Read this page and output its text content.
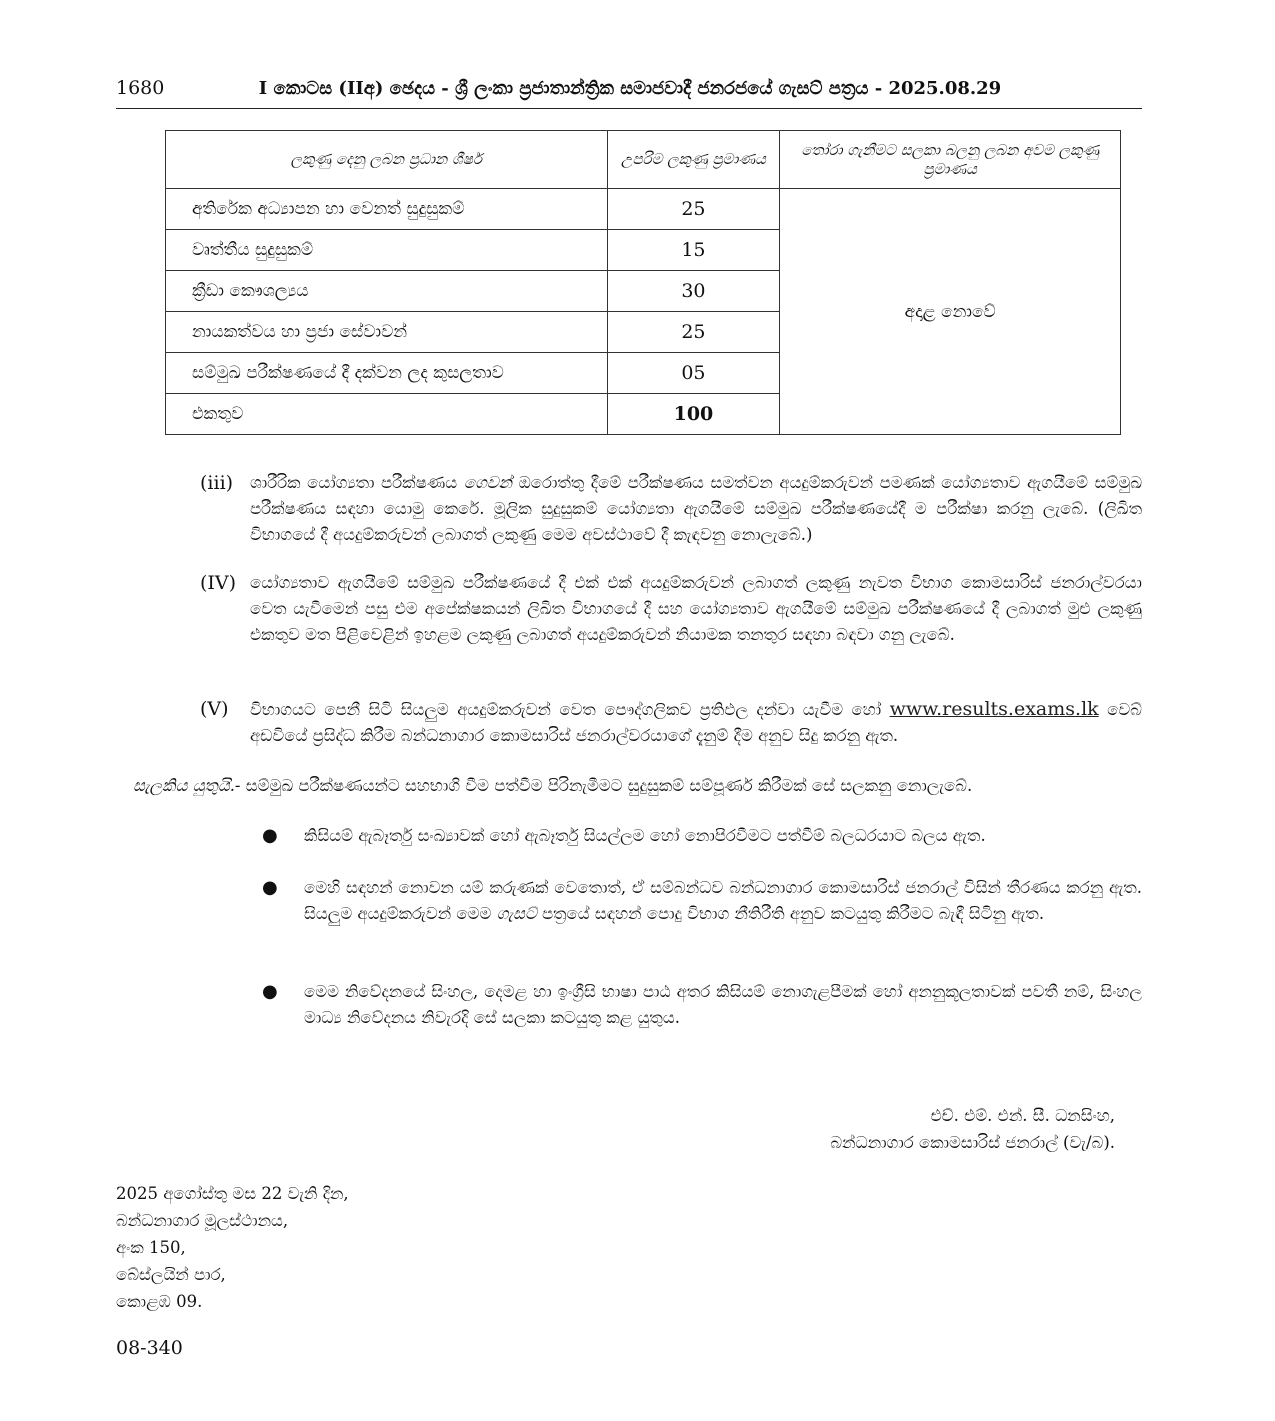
1680	I කොටස (IIඅ) ඡෙදය - ශ්‍රී ලංකා ප්‍රජාතාන්ත්‍රික සමාජවාදී ජනරජයේ ගැසට් පත්‍රය - 2025.08.29
ලකුණු දෙනු ලබන ප්‍රධාන ශීර්ෂ	උපරිම ලකුණු ප්‍රමාණය	තෝරා ගැනීමට සලකා බලනු ලබන අවම ලකුණු ප්‍රමාණය
අතිරේක අධ්‍යාපන හා වෙනත් සුදුසුකම්	25	අදාළ නොවේ
වෘත්තීය සුදුසුකම්	15	
ක්‍රීඩා කෞශල්‍යය	30	
නායකත්වය හා ප්‍රජා සේවාවන්	25	
සම්මුඛ පරීක්ෂණයේ දී දක්වන ලද කුසලතාව	05	
එකතුව	100	
(iii) ශාරීරික යෝග්‍යතා පරීක්ෂණය ගෙවන් ඔරොත්තු දීමේ පරීක්ෂණය සමත්වන අයදුම්කරුවන් පමණක් යෝග්‍යතාව ඇගයීමේ සම්මුඛ පරීක්ෂණය සඳහා යොමු කෙරේ. මූලික සුදුසුකම් යෝග්‍යතා ඇගයීමේ සම්මුඛ පරීක්ෂණයේදී ම පරීක්ෂා කරනු ලැබේ. (ලිඛිත විභාගයේ දී අයදුම්කරුවන් ලබාගත් ලකුණු මෙම අවස්ථාවේ දී කැඳවනු නොලැබේ.)
(IV) යෝග්‍යතාව ඇගයීමේ සම්මුඛ පරීක්ෂණයේ දී එක් එක් අයදුම්කරුවන් ලබාගත් ලකුණු නැවත විභාග කොමසාරිස් ජනරාල්වරයා වෙත යැවීමෙන් පසු එම අපේක්ෂකයන් ලිඛිත විභාගයේ දී සහ යෝග්‍යතාව ඇගයීමේ සම්මුඛ පරීක්ෂණයේ දී ලබාගත් මුළු ලකුණු එකතුව මත පිළිවෙළින් ඉහළම ලකුණු ලබාගත් අයදුම්කරුවන් නියාමක තනතුර සඳහා බඳවා ගනු ලැබේ.
(V) විභාගයට පෙනී සිටි සියලුම අයදුම්කරුවන් වෙත පෞද්ගලිකව ප්‍රතිඵල දන්වා යැවීම හෝ www.results.exams.lk වෙබ් අඩවියේ ප්‍රසිද්ධ කිරීම බන්ධනාගාර කොමසාරිස් ජනරාල්වරයාගේ දැනුම් දීම අනුව සිදු කරනු ඇත.
සැලකිය යුතුයි.- සම්මුඛ පරීක්ෂණයන්ට සහභාගි වීම පත්වීම පිරිනැමීමට සුදුසුකම් සම්පූර්ණ කිරීමක් සේ සලකනු නොලැබේ.
● කිසියම් ඇබෑර්තු සංඛ්‍යාවක් හෝ ඇබෑර්තු සියල්ලම හෝ නොපිරවීමට පත්වීම් බලධරයාට බලය ඇත.
● මෙහි සඳහන් නොවන යම් කරුණක් වෙතොත්, ඒ සම්බන්ධව බන්ධනාගාර කොමසාරිස් ජනරාල් විසින් තීරණය කරනු ඇත. සියලුම අයදුම්කරුවන් මෙම ගැසට් පත්‍රයේ සඳහන් පොදු විභාග නීතිරීති අනුව කටයුතු කිරීමට බැඳී සිටිනු ඇත.
● මෙම නිවේදනයේ සිංහල, දෙමළ හා ඉංග්‍රීසි භාෂා පාඨ අතර කිසියම් නොගැළපීමක් හෝ අනනුකූලතාවක් පවතී නම්, සිංහල මාධ්‍ය නිවේදනය නිවැරදි සේ සලකා කටයුතු කළ යුතුය.
එච්. එම්. එන්. සී. ධනසිංහ,
බන්ධනාගාර කොමසාරිස් ජනරාල් (වැ/බ).
2025 අගෝස්තු මස 22 වැනි දින,
බන්ධනාගාර මූලස්ථානය,
අංක 150,
බේස්ලයින් පාර,
කොළඹ 09.
08-340
